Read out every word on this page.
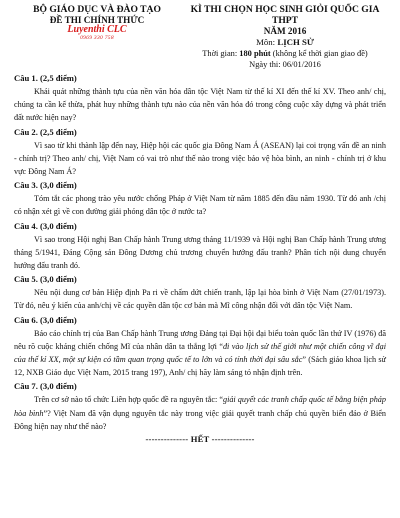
BỘ GIÁO DỤC VÀ ĐÀO TẠO
ĐỀ THI CHÍNH THỨC
Luyenthi CLC
0969 330 758
KÌ THI CHỌN HỌC SINH GIỎI QUỐC GIA THPT
NĂM 2016
Môn: LỊCH SỬ
Thời gian: 180 phút (không kể thời gian giao đề)
Ngày thi: 06/01/2016
Câu 1. (2,5 điểm)

Khái quát những thành tựu của nền văn hóa dân tộc Việt Nam từ thế kỉ XI đến thế kỉ XV. Theo anh/ chị, chúng ta cần kế thừa, phát huy những thành tựu nào của nền văn hóa đó trong công cuộc xây dựng và phát triển đất nước hiện nay?

Câu 2. (2,5 điểm)

Vì sao từ khi thành lập đến nay, Hiệp hội các quốc gia Đông Nam Á (ASEAN) lại coi trọng vấn đề an ninh - chính trị? Theo anh/ chị, Việt Nam có vai trò như thế nào trong việc bảo vệ hòa bình, an ninh - chính trị ở khu vực Đông Nam Á?

Câu 3. (3,0 điểm)

Tóm tắt các phong trào yêu nước chống Pháp ở Việt Nam từ năm 1885 đến đầu năm 1930. Từ đó anh /chị có nhận xét gì về con đường giải phóng dân tộc ở nước ta?

Câu 4. (3,0 điểm)

Vì sao trong Hội nghị Ban Chấp hành Trung ương tháng 11/1939 và Hội nghị Ban Chấp hành Trung ương tháng 5/1941, Đảng Cộng sản Đông Dương chủ trương chuyển hướng đấu tranh? Phân tích nội dung chuyển hướng đấu tranh đó.

Câu 5. (3,0 điểm)

Nêu nội dung cơ bản Hiệp định Pa ri về chấm dứt chiến tranh, lập lại hòa bình ở Việt Nam (27/01/1973). Từ đó, nêu ý kiến của anh/chị về các quyền dân tộc cơ bản mà Mĩ công nhận đối với dân tộc Việt Nam.

Câu 6. (3,0 điểm)

Báo cáo chính trị của Ban Chấp hành Trung ương Đảng tại Đại hội đại biểu toàn quốc lần thứ IV (1976) đã nêu rõ cuộc kháng chiến chống Mĩ của nhân dân ta thắng lợi “đi vào lịch sử thế giới như một chiến công vĩ đại của thế kỉ XX, một sự kiện có tầm quan trọng quốc tế to lớn và có tính thời đại sâu sắc” (Sách giáo khoa lịch sử 12, NXB Giáo dục Việt Nam, 2015 trang 197), Anh/ chị hãy làm sáng tỏ nhận định trên.

Câu 7. (3,0 điểm)

Trên cơ sở nào tổ chức Liên hợp quốc đề ra nguyên tắc: “giải quyết các tranh chấp quốc tế bằng biện pháp hòa bình”? Việt Nam đã vận dụng nguyên tắc này trong việc giải quyết tranh chấp chủ quyền biển đảo ở Biển Đông hiện nay như thế nào?

-------------- HẾT --------------
